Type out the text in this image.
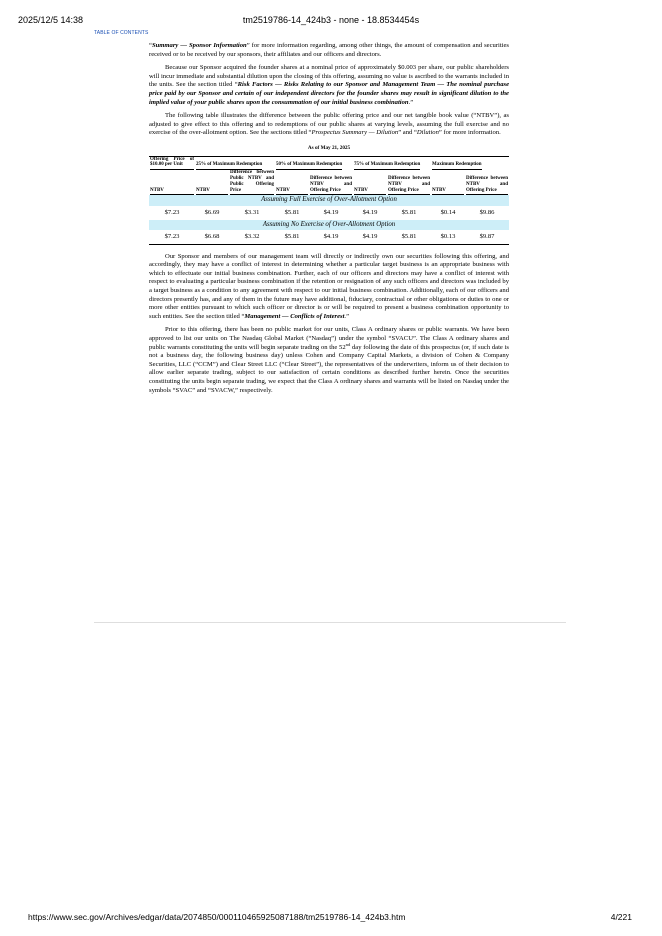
tm2519786-14_424b3 - none - 18.8534454s
2025/12/5 14:38
TABLE OF CONTENTS

“Summary — Sponsor Information” for more information regarding, among other things, the amount of compensation and securities received or to be received by our sponsors, their affiliates and our officers and directors.

Because our Sponsor acquired the founder shares at a nominal price of approximately $0.003 per share, our public shareholders will incur immediate and substantial dilution upon the closing of this offering, assuming no value is ascribed to the warrants included in the units. See the section titled “Risk Factors — Risks Relating to our Sponsor and Management Team — The nominal purchase price paid by our Sponsor and certain of our independent directors for the founder shares may result in significant dilution to the implied value of your public shares upon the consummation of our initial business combination.”

The following table illustrates the difference between the public offering price and our net tangible book value (“NTBV”), as adjusted to give effect to this offering and to redemptions of our public shares at varying levels, assuming the full exercise and no exercise of the over-allotment option. See the sections titled “Prospectus Summary — Dilution” and “Dilution” for more information.

As of May 21, 2025
Offering Price of $10.00 per Unit	25% of Maximum Redemption		50% of Maximum Redemption		75% of Maximum Redemption		Maximum Redemption	

NTBV	NTBV	Difference between Public NTBV and Public Offering Price	NTBV	Difference between NTBV and Offering Price	NTBV	Difference between NTBV and Offering Price	NTBV	Difference between NTBV and Offering Price

Assuming Full Exercise of Over-Allotment Option								
$7.23	$6.69	$3.31	$5.81	$4.19	$4.19	$5.81	$0.14	$9.86
Assuming No Exercise of Over-Allotment Option								
$7.23	$6.68	$3.32	$5.81	$4.19	$4.19	$5.81	$0.13	$9.87

Our Sponsor and members of our management team will directly or indirectly own our securities following this offering, and accordingly, they may have a conflict of interest in determining whether a particular target business is an appropriate business with which to effectuate our initial business combination. Further, each of our officers and directors may have a conflict of interest with respect to evaluating a particular business combination if the retention or resignation of any such officers and directors was included by a target business as a condition to any agreement with respect to our initial business combination. Additionally, each of our officers and directors presently has, and any of them in the future may have additional, fiduciary, contractual or other obligations or duties to one or more other entities pursuant to which such officer or director is or will be required to present a business combination opportunity to such entities. See the section titled “Management — Conflicts of Interest.”

Prior to this offering, there has been no public market for our units, Class A ordinary shares or public warrants. We have been approved to list our units on The Nasdaq Global Market (“Nasdaq”) under the symbol “SVACU”. The Class A ordinary shares and public warrants constituting the units will begin separate trading on the 52nd day following the date of this prospectus (or, if such date is not a business day, the following business day) unless Cohen and Company Capital Markets, a division of Cohen & Company Securities, LLC (“CCM”) and Clear Street LLC (“Clear Street”), the representatives of the underwriters, inform us of their decision to allow earlier separate trading, subject to our satisfaction of certain conditions as described further herein. Once the securities constituting the units begin separate trading, we expect that the Class A ordinary shares and warrants will be listed on Nasdaq under the symbols “SVAC” and “SVACW,” respectively.

https://www.sec.gov/Archives/edgar/data/2074850/000110465925087188/tm2519786-14_424b3.htm	4/221
